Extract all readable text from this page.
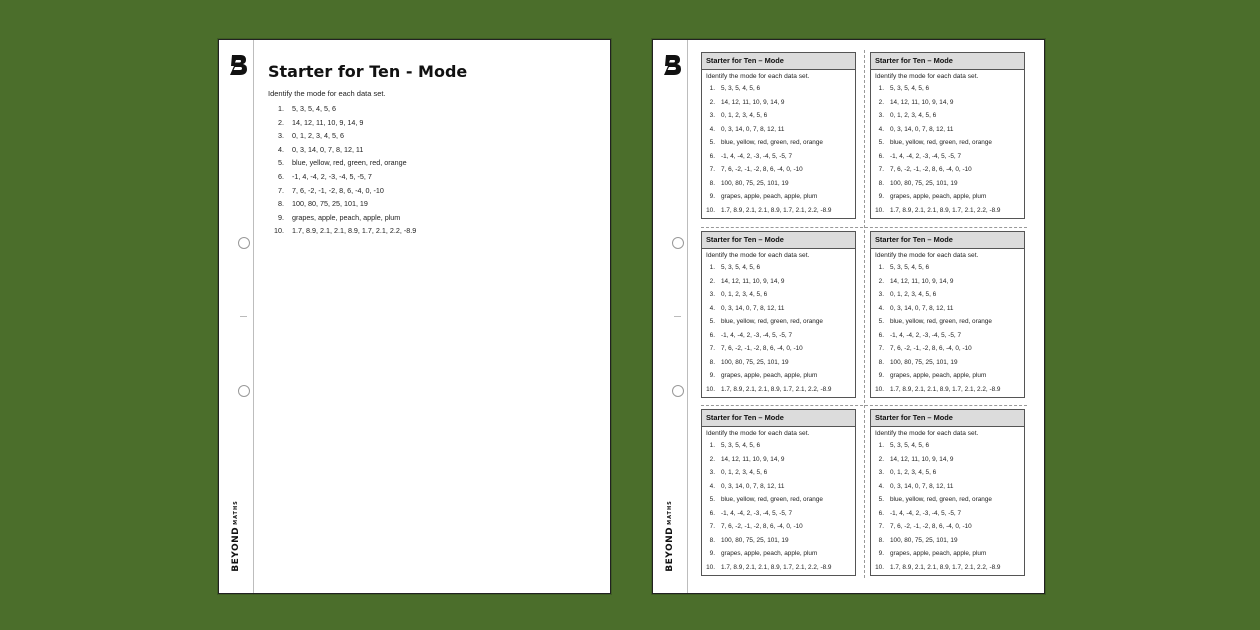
BEYONDMATHS
Starter for Ten - Mode
Identify the mode for each data set.
1. 5, 3, 5, 4, 5, 6
2. 14, 12, 11, 10, 9, 14, 9
3. 0, 1, 2, 3, 4, 5, 6
4. 0, 3, 14, 0, 7, 8, 12, 11
5. blue, yellow, red, green, red, orange
6. -1, 4, -4, 2, -3, -4, 5, -5, 7
7. 7, 6, -2, -1, -2, 8, 6, -4, 0, -10
8. 100, 80, 75, 25, 101, 19
9. grapes, apple, peach, apple, plum
10. 1.7, 8.9, 2.1, 2.1, 8.9, 1.7, 2.1, 2.2, -8.9
BEYONDMATHS
Starter for Ten – Mode
Identify the mode for each data set.
1. 5, 3, 5, 4, 5, 6
2. 14, 12, 11, 10, 9, 14, 9
3. 0, 1, 2, 3, 4, 5, 6
4. 0, 3, 14, 0, 7, 8, 12, 11
5. blue, yellow, red, green, red, orange
6. -1, 4, -4, 2, -3, -4, 5, -5, 7
7. 7, 6, -2, -1, -2, 8, 6, -4, 0, -10
8. 100, 80, 75, 25, 101, 19
9. grapes, apple, peach, apple, plum
10. 1.7, 8.9, 2.1, 2.1, 8.9, 1.7, 2.1, 2.2, -8.9
Starter for Ten – Mode
Identify the mode for each data set.
1. 5, 3, 5, 4, 5, 6
2. 14, 12, 11, 10, 9, 14, 9
3. 0, 1, 2, 3, 4, 5, 6
4. 0, 3, 14, 0, 7, 8, 12, 11
5. blue, yellow, red, green, red, orange
6. -1, 4, -4, 2, -3, -4, 5, -5, 7
7. 7, 6, -2, -1, -2, 8, 6, -4, 0, -10
8. 100, 80, 75, 25, 101, 19
9. grapes, apple, peach, apple, plum
10. 1.7, 8.9, 2.1, 2.1, 8.9, 1.7, 2.1, 2.2, -8.9
Starter for Ten – Mode
Identify the mode for each data set.
1. 5, 3, 5, 4, 5, 6
2. 14, 12, 11, 10, 9, 14, 9
3. 0, 1, 2, 3, 4, 5, 6
4. 0, 3, 14, 0, 7, 8, 12, 11
5. blue, yellow, red, green, red, orange
6. -1, 4, -4, 2, -3, -4, 5, -5, 7
7. 7, 6, -2, -1, -2, 8, 6, -4, 0, -10
8. 100, 80, 75, 25, 101, 19
9. grapes, apple, peach, apple, plum
10. 1.7, 8.9, 2.1, 2.1, 8.9, 1.7, 2.1, 2.2, -8.9
Starter for Ten – Mode
Identify the mode for each data set.
1. 5, 3, 5, 4, 5, 6
2. 14, 12, 11, 10, 9, 14, 9
3. 0, 1, 2, 3, 4, 5, 6
4. 0, 3, 14, 0, 7, 8, 12, 11
5. blue, yellow, red, green, red, orange
6. -1, 4, -4, 2, -3, -4, 5, -5, 7
7. 7, 6, -2, -1, -2, 8, 6, -4, 0, -10
8. 100, 80, 75, 25, 101, 19
9. grapes, apple, peach, apple, plum
10. 1.7, 8.9, 2.1, 2.1, 8.9, 1.7, 2.1, 2.2, -8.9
Starter for Ten – Mode
Identify the mode for each data set.
1. 5, 3, 5, 4, 5, 6
2. 14, 12, 11, 10, 9, 14, 9
3. 0, 1, 2, 3, 4, 5, 6
4. 0, 3, 14, 0, 7, 8, 12, 11
5. blue, yellow, red, green, red, orange
6. -1, 4, -4, 2, -3, -4, 5, -5, 7
7. 7, 6, -2, -1, -2, 8, 6, -4, 0, -10
8. 100, 80, 75, 25, 101, 19
9. grapes, apple, peach, apple, plum
10. 1.7, 8.9, 2.1, 2.1, 8.9, 1.7, 2.1, 2.2, -8.9
Starter for Ten – Mode
Identify the mode for each data set.
1. 5, 3, 5, 4, 5, 6
2. 14, 12, 11, 10, 9, 14, 9
3. 0, 1, 2, 3, 4, 5, 6
4. 0, 3, 14, 0, 7, 8, 12, 11
5. blue, yellow, red, green, red, orange
6. -1, 4, -4, 2, -3, -4, 5, -5, 7
7. 7, 6, -2, -1, -2, 8, 6, -4, 0, -10
8. 100, 80, 75, 25, 101, 19
9. grapes, apple, peach, apple, plum
10. 1.7, 8.9, 2.1, 2.1, 8.9, 1.7, 2.1, 2.2, -8.9
